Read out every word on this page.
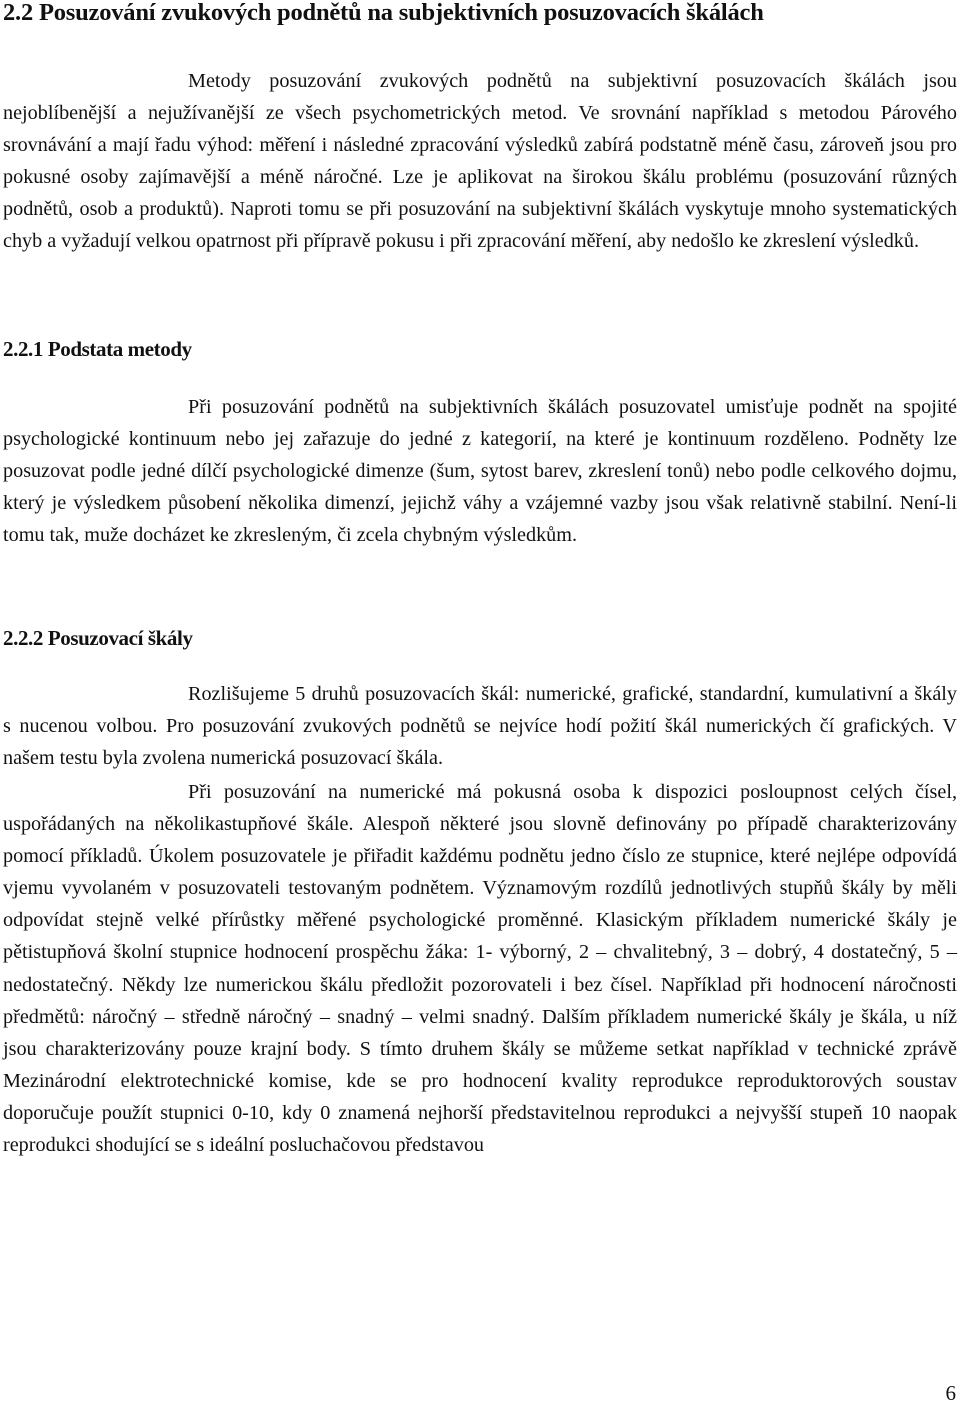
2.2 Posuzování zvukových podnětů na subjektivních posuzovacích škálách

Metody posuzování zvukových podnětů na subjektivní posuzovacích škálách jsou nejoblíbenější a nejužívanější ze všech psychometrických metod. Ve srovnání například s metodou Párového srovnávání a mají řadu výhod: měření i následné zpracování výsledků zabírá podstatně méně času, zároveň jsou pro pokusné osoby zajímavější a méně náročné. Lze je aplikovat na širokou škálu problému (posuzování různých podnětů, osob a produktů). Naproti tomu se při posuzování na subjektivní škálách vyskytuje mnoho systematických chyb a vyžadují velkou opatrnost při přípravě pokusu i při zpracování měření, aby nedošlo ke zkreslení výsledků.

2.2.1 Podstata metody

Při posuzování podnětů na subjektivních škálách posuzovatel umisťuje podnět na spojité psychologické kontinuum nebo jej zařazuje do jedné z kategorií, na které je kontinuum rozděleno. Podněty lze posuzovat podle jedné dílčí psychologické dimenze (šum, sytost barev, zkreslení tonů) nebo podle celkového dojmu, který je výsledkem působení několika dimenzí, jejichž váhy a vzájemné vazby jsou však relativně stabilní. Není-li tomu tak, muže docházet ke zkresleným, či zcela chybným výsledkům.

2.2.2 Posuzovací škály

Rozlišujeme 5 druhů posuzovacích škál: numerické, grafické, standardní, kumulativní a škály s nucenou volbou. Pro posuzování zvukových podnětů se nejvíce hodí požití škál numerických čí grafických. V našem testu byla zvolena numerická posuzovací škála.

Při posuzování na numerické má pokusná osoba k dispozici posloupnost celých čísel, uspořádaných na několikastupňové škále. Alespoň některé jsou slovně definovány po případě charakterizovány pomocí příkladů. Úkolem posuzovatele je přiřadit každému podnětu jedno číslo ze stupnice, které nejlépe odpovídá vjemu vyvolaném v posuzovateli testovaným podnětem. Významovým rozdílů jednotlivých stupňů škály by měli odpovídat stejně velké přírůstky měřené psychologické proměnné. Klasickým příkladem numerické škály je pětistupňová školní stupnice hodnocení prospěchu žáka: 1- výborný, 2 – chvalitebný, 3 – dobrý, 4 dostatečný, 5 – nedostatečný. Někdy lze numerickou škálu předložit pozorovateli i bez čísel. Například při hodnocení náročnosti předmětů: náročný – středně náročný – snadný – velmi snadný. Dalším příkladem numerické škály je škála, u níž jsou charakterizovány pouze krajní body. S tímto druhem škály se můžeme setkat například v technické zprávě Mezinárodní elektrotechnické komise, kde se pro hodnocení kvality reprodukce reproduktorových soustav doporučuje použít stupnici 0-10, kdy 0 znamená nejhorší představitelnou reprodukci a nejvyšší stupeň 10 naopak reprodukci shodující se s ideální posluchačovou představou

6
